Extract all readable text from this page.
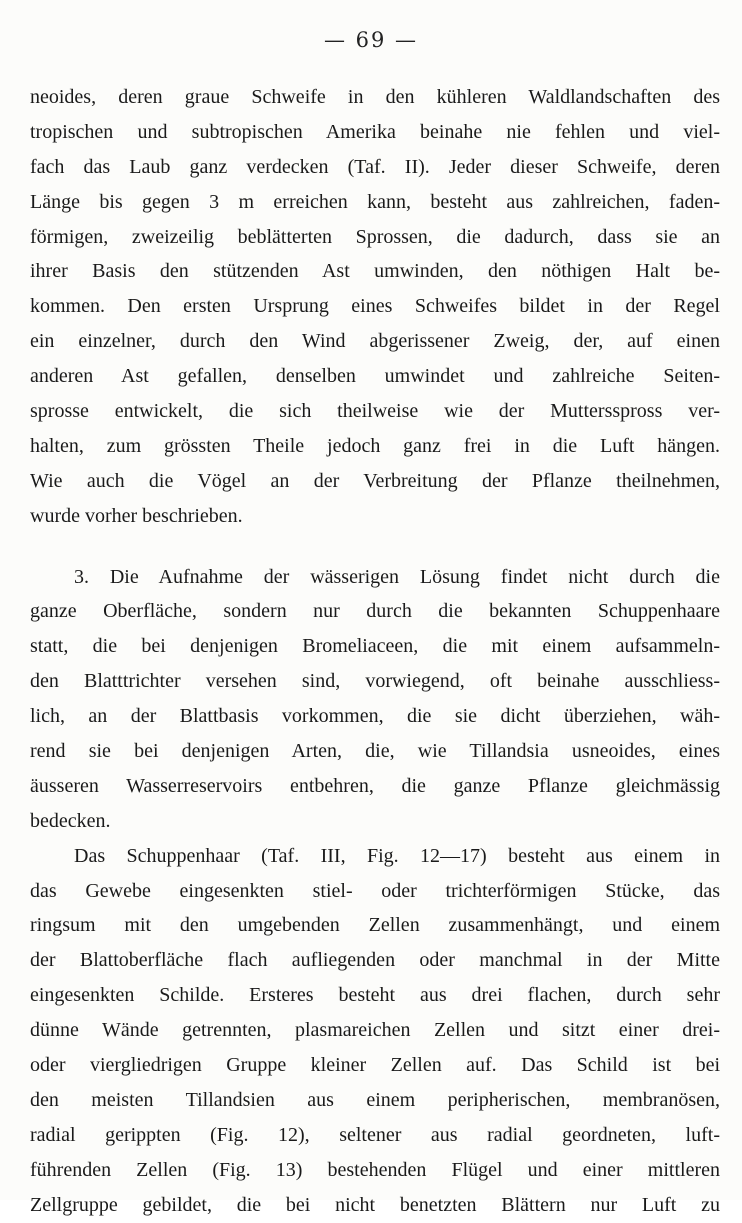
— 69 —
neoides, deren graue Schweife in den kühleren Waldlandschaften des
tropischen und subtropischen Amerika beinahe nie fehlen und viel-
fach das Laub ganz verdecken (Taf. II). Jeder dieser Schweife, deren
Länge bis gegen 3 m erreichen kann, besteht aus zahlreichen, faden-
förmigen, zweizeilig beblätterten Sprossen, die dadurch, dass sie an
ihrer Basis den stützenden Ast umwinden, den nöthigen Halt be-
kommen. Den ersten Ursprung eines Schweifes bildet in der Regel
ein einzelner, durch den Wind abgerissener Zweig, der, auf einen
anderen Ast gefallen, denselben umwindet und zahlreiche Seiten-
sprosse entwickelt, die sich theilweise wie der Muttersspross ver-
halten, zum grössten Theile jedoch ganz frei in die Luft hängen.
Wie auch die Vögel an der Verbreitung der Pflanze theilnehmen,
wurde vorher beschrieben.
3. Die Aufnahme der wässerigen Lösung findet nicht durch die
ganze Oberfläche, sondern nur durch die bekannten Schuppenhaare
statt, die bei denjenigen Bromeliaceen, die mit einem aufsammeln-
den Blatttrichter versehen sind, vorwiegend, oft beinahe ausschliess-
lich, an der Blattbasis vorkommen, die sie dicht überziehen, wäh-
rend sie bei denjenigen Arten, die, wie Tillandsia usneoides, eines
äusseren Wasserreservoirs entbehren, die ganze Pflanze gleichmässig
bedecken.
Das Schuppenhaar (Taf. III, Fig. 12—17) besteht aus einem in
das Gewebe eingesenkten stiel- oder trichterförmigen Stücke, das
ringsum mit den umgebenden Zellen zusammenhängt, und einem
der Blattoberfläche flach aufliegenden oder manchmal in der Mitte
eingesenkten Schilde. Ersteres besteht aus drei flachen, durch sehr
dünne Wände getrennten, plasmareichen Zellen und sitzt einer drei-
oder viergliedrigen Gruppe kleiner Zellen auf. Das Schild ist bei
den meisten Tillandsien aus einem peripherischen, membranösen,
radial gerippten (Fig. 12), seltener aus radial geordneten, luft-
führenden Zellen (Fig. 13) bestehenden Flügel und einer mittleren
Zellgruppe gebildet, die bei nicht benetzten Blättern nur Luft zu
